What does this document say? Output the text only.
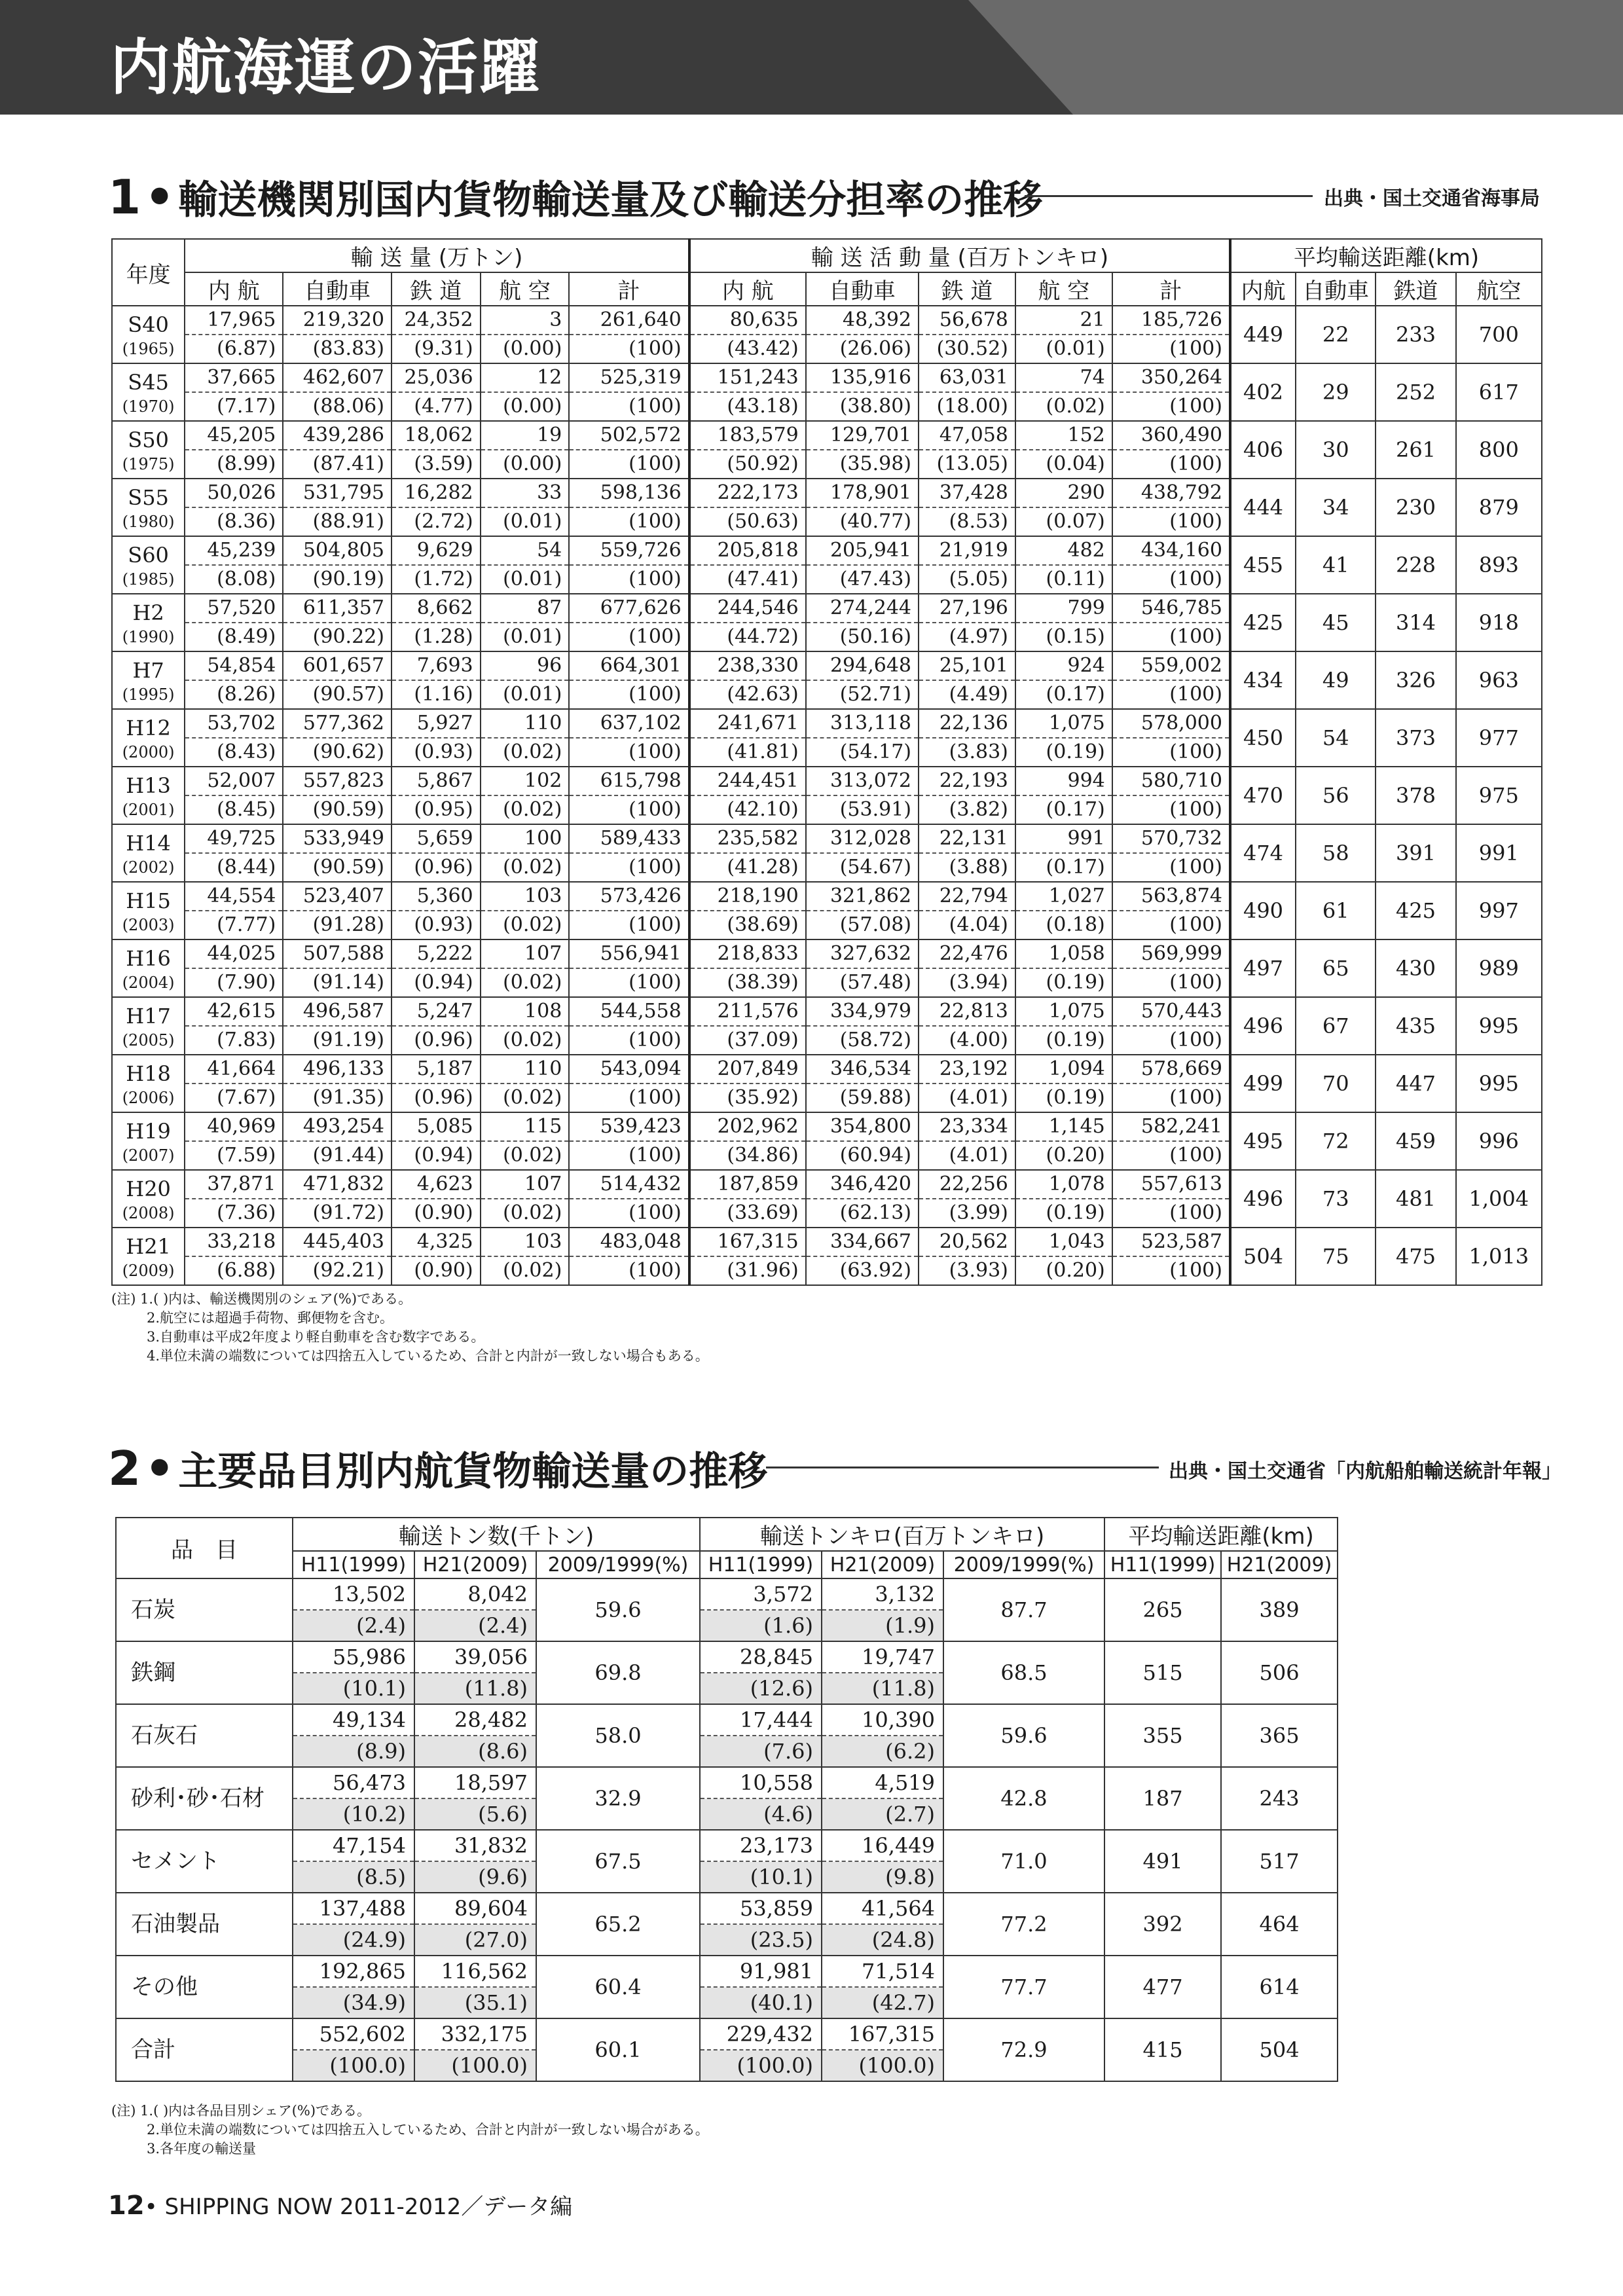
内航海運の活躍
1 • 輸送機関別国内貨物輸送量及び輸送分担率の推移	出典・国土交通省海事局
年度	輸 送 量 (万トン)					輸 送 活 動 量 (百万トンキロ)					平均輸送距離(km)			
	内 航	自動車	鉄 道	航 空	計	内 航	自動車	鉄 道	航 空	計	内航	自動車	鉄道	航空

S40
(1965)	17,965	219,320	24,352	3	261,640	80,635	48,392	56,678	21	185,726	449	22	233	700
	(6.87)	(83.83)	(9.31)	(0.00)	(100)	(43.42)	(26.06)	(30.52)	(0.01)	(100)				

S45
(1970)	37,665	462,607	25,036	12	525,319	151,243	135,916	63,031	74	350,264	402	29	252	617
	(7.17)	(88.06)	(4.77)	(0.00)	(100)	(43.18)	(38.80)	(18.00)	(0.02)	(100)				

S50
(1975)	45,205	439,286	18,062	19	502,572	183,579	129,701	47,058	152	360,490	406	30	261	800
	(8.99)	(87.41)	(3.59)	(0.00)	(100)	(50.92)	(35.98)	(13.05)	(0.04)	(100)				

S55
(1980)	50,026	531,795	16,282	33	598,136	222,173	178,901	37,428	290	438,792	444	34	230	879
	(8.36)	(88.91)	(2.72)	(0.01)	(100)	(50.63)	(40.77)	(8.53)	(0.07)	(100)				

S60
(1985)	45,239	504,805	9,629	54	559,726	205,818	205,941	21,919	482	434,160	455	41	228	893
	(8.08)	(90.19)	(1.72)	(0.01)	(100)	(47.41)	(47.43)	(5.05)	(0.11)	(100)				

H2
(1990)	57,520	611,357	8,662	87	677,626	244,546	274,244	27,196	799	546,785	425	45	314	918
	(8.49)	(90.22)	(1.28)	(0.01)	(100)	(44.72)	(50.16)	(4.97)	(0.15)	(100)				

H7
(1995)	54,854	601,657	7,693	96	664,301	238,330	294,648	25,101	924	559,002	434	49	326	963
	(8.26)	(90.57)	(1.16)	(0.01)	(100)	(42.63)	(52.71)	(4.49)	(0.17)	(100)				

H12
(2000)	53,702	577,362	5,927	110	637,102	241,671	313,118	22,136	1,075	578,000	450	54	373	977
	(8.43)	(90.62)	(0.93)	(0.02)	(100)	(41.81)	(54.17)	(3.83)	(0.19)	(100)				

H13
(2001)	52,007	557,823	5,867	102	615,798	244,451	313,072	22,193	994	580,710	470	56	378	975
	(8.45)	(90.59)	(0.95)	(0.02)	(100)	(42.10)	(53.91)	(3.82)	(0.17)	(100)				

H14
(2002)	49,725	533,949	5,659	100	589,433	235,582	312,028	22,131	991	570,732	474	58	391	991
	(8.44)	(90.59)	(0.96)	(0.02)	(100)	(41.28)	(54.67)	(3.88)	(0.17)	(100)				

H15
(2003)	44,554	523,407	5,360	103	573,426	218,190	321,862	22,794	1,027	563,874	490	61	425	997
	(7.77)	(91.28)	(0.93)	(0.02)	(100)	(38.69)	(57.08)	(4.04)	(0.18)	(100)				

H16
(2004)	44,025	507,588	5,222	107	556,941	218,833	327,632	22,476	1,058	569,999	497	65	430	989
	(7.90)	(91.14)	(0.94)	(0.02)	(100)	(38.39)	(57.48)	(3.94)	(0.19)	(100)				

H17
(2005)	42,615	496,587	5,247	108	544,558	211,576	334,979	22,813	1,075	570,443	496	67	435	995
	(7.83)	(91.19)	(0.96)	(0.02)	(100)	(37.09)	(58.72)	(4.00)	(0.19)	(100)				

H18
(2006)	41,664	496,133	5,187	110	543,094	207,849	346,534	23,192	1,094	578,669	499	70	447	995
	(7.67)	(91.35)	(0.96)	(0.02)	(100)	(35.92)	(59.88)	(4.01)	(0.19)	(100)				

H19
(2007)	40,969	493,254	5,085	115	539,423	202,962	354,800	23,334	1,145	582,241	495	72	459	996
	(7.59)	(91.44)	(0.94)	(0.02)	(100)	(34.86)	(60.94)	(4.01)	(0.20)	(100)				

H20
(2008)	37,871	471,832	4,623	107	514,432	187,859	346,420	22,256	1,078	557,613	496	73	481	1,004
	(7.36)	(91.72)	(0.90)	(0.02)	(100)	(33.69)	(62.13)	(3.99)	(0.19)	(100)				

H21
(2009)	33,218	445,403	4,325	103	483,048	167,315	334,667	20,562	1,043	523,587	504	75	475	1,013
	(6.88)	(92.21)	(0.90)	(0.02)	(100)	(31.96)	(63.92)	(3.93)	(0.20)	(100)				
(注) 1.( )内は、輸送機関別のシェア(%)である。
2.航空には超過手荷物、郵便物を含む。
3.自動車は平成2年度より軽自動車を含む数字である。
4.単位未満の端数については四捨五入しているため、合計と内計が一致しない場合もある。
2 • 主要品目別内航貨物輸送量の推移	出典・国土交通省「内航船舶輸送統計年報」
品　目	輸送トン数(千トン)			輸送トンキロ(百万トンキロ)			平均輸送距離(km)	
	H11(1999)	H21(2009)	2009/1999(%)	H11(1999)	H21(2009)	2009/1999(%)	H11(1999)	H21(2009)
石炭	13,502	8,042	59.6	3,572	3,132	87.7	265	389
	(2.4)	(2.4)		(1.6)	(1.9)			
鉄鋼	55,986	39,056	69.8	28,845	19,747	68.5	515	506
	(10.1)	(11.8)		(12.6)	(11.8)			
石灰石	49,134	28,482	58.0	17,444	10,390	59.6	355	365
	(8.9)	(8.6)		(7.6)	(6.2)			
砂利･砂･石材	56,473	18,597	32.9	10,558	4,519	42.8	187	243
	(10.2)	(5.6)		(4.6)	(2.7)			
セメント	47,154	31,832	67.5	23,173	16,449	71.0	491	517
	(8.5)	(9.6)		(10.1)	(9.8)			
石油製品	137,488	89,604	65.2	53,859	41,564	77.2	392	464
	(24.9)	(27.0)		(23.5)	(24.8)			
その他	192,865	116,562	60.4	91,981	71,514	77.7	477	614
	(34.9)	(35.1)		(40.1)	(42.7)			
合計	552,602	332,175	60.1	229,432	167,315	72.9	415	504
	(100.0)	(100.0)		(100.0)	(100.0)			
(注) 1.( )内は各品目別シェア(%)である。
2.単位未満の端数については四捨五入しているため、合計と内計が一致しない場合がある。
3.各年度の輸送量
12• SHIPPING NOW 2011-2012／データ編
